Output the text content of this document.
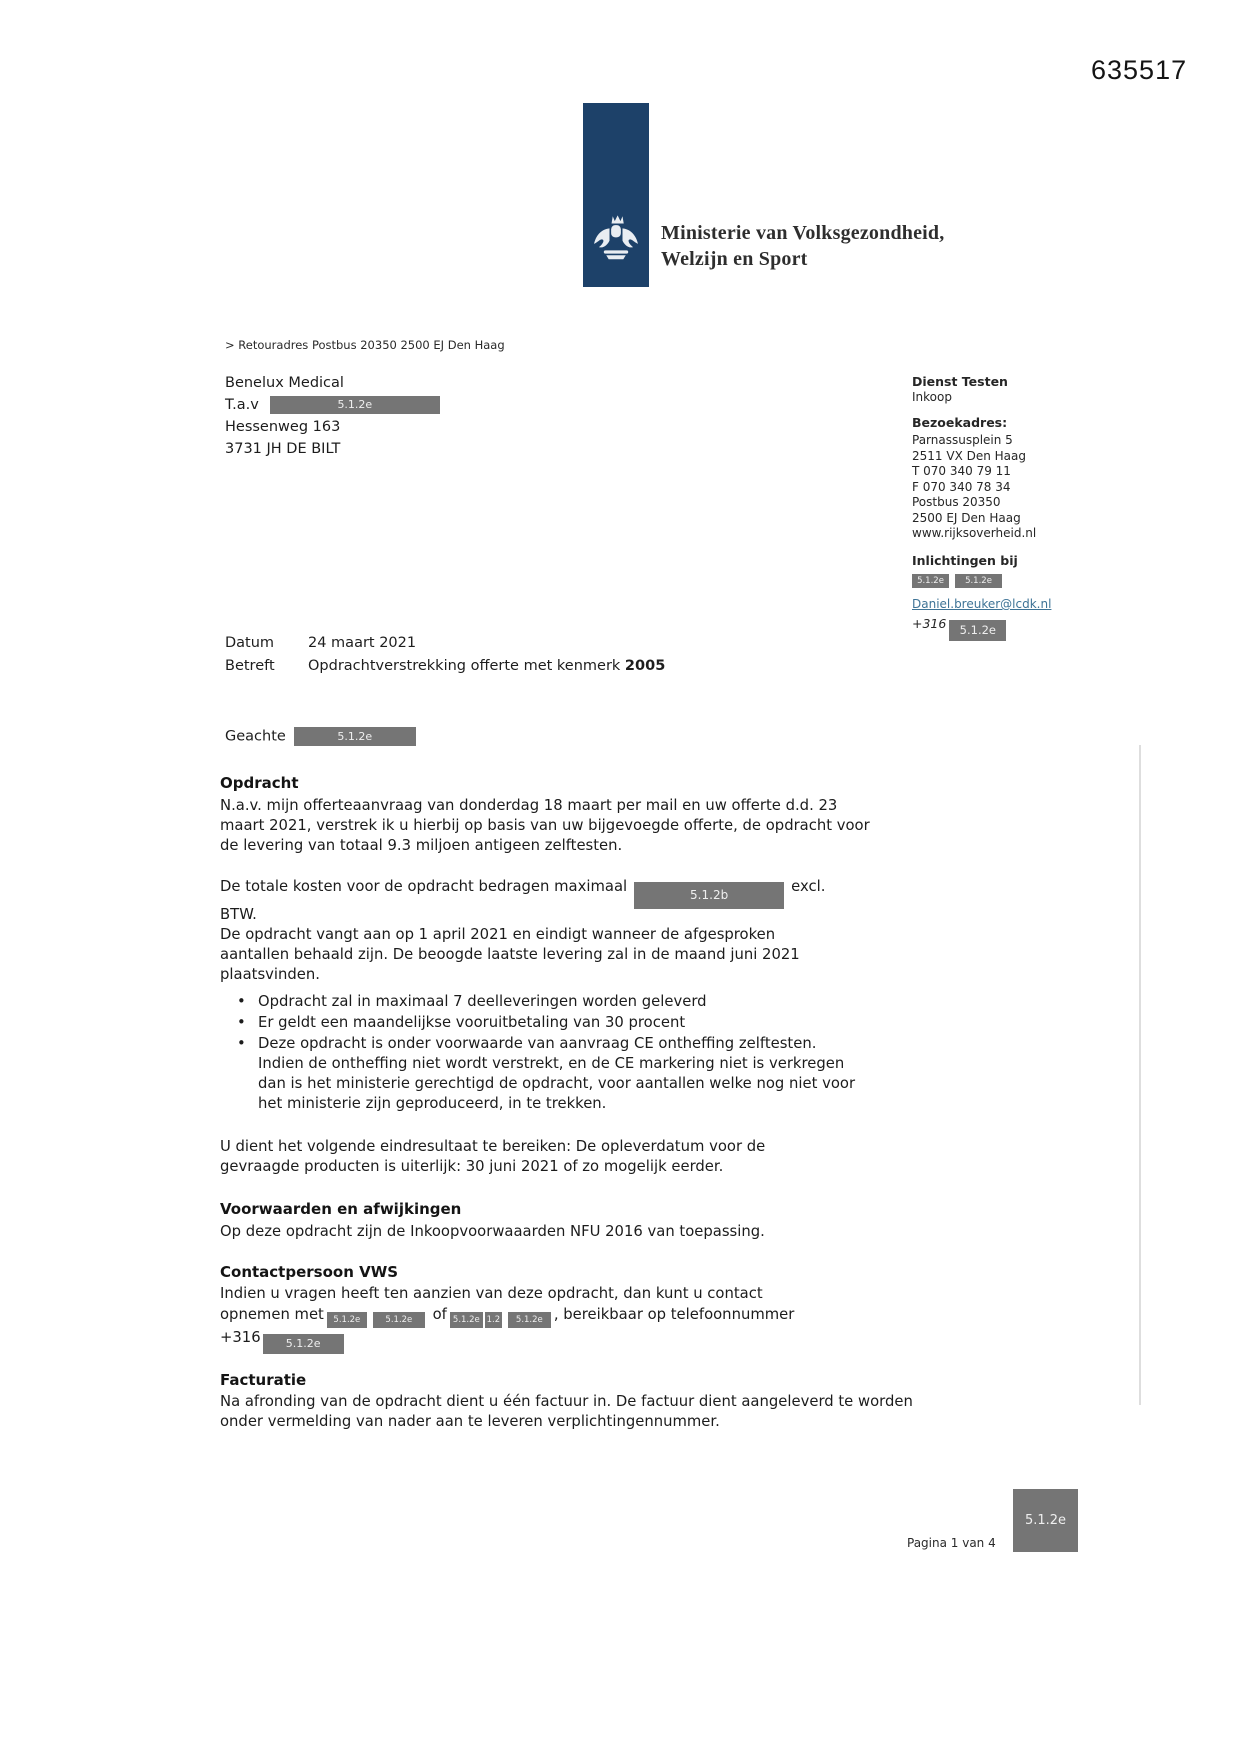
635517
Ministerie van Volksgezondheid,
Welzijn en Sport
> Retouradres Postbus 20350 2500 EJ Den Haag
Benelux Medical
T.a.v	5.1.2e
Hessenweg 163
3731 JH DE BILT
Dienst Testen
Inkoop
Bezoekadres:
Parnassusplein 5
2511 VX Den Haag
T 070 340 79 11
F 070 340 78 34
Postbus 20350
2500 EJ Den Haag
www.rijksoverheid.nl
Inlichtingen bij
5.1.2e 5.1.2e
Daniel.breuker@lcdk.nl
+316 5.1.2e
Datum 24 maart 2021
Betreft Opdrachtverstrekking offerte met kenmerk 2005
Geachte	5.1.2e
Opdracht
N.a.v. mijn offerteaanvraag van donderdag 18 maart per mail en uw offerte d.d. 23 maart 2021, verstrek ik u hierbij op basis van uw bijgevoegde offerte, de opdracht voor de levering van totaal 9.3 miljoen antigeen zelftesten.
De totale kosten voor de opdracht bedragen maximaal	5.1.2b	excl.
BTW.
De opdracht vangt aan op 1 april 2021 en eindigt wanneer de afgesproken aantallen behaald zijn. De beoogde laatste levering zal in de maand juni 2021 plaatsvinden.
• Opdracht zal in maximaal 7 deelleveringen worden geleverd
• Er geldt een maandelijkse vooruitbetaling van 30 procent
• Deze opdracht is onder voorwaarde van aanvraag CE ontheffing zelftesten. Indien de ontheffing niet wordt verstrekt, en de CE markering niet is verkregen dan is het ministerie gerechtigd de opdracht, voor aantallen welke nog niet voor het ministerie zijn geproduceerd, in te trekken.
U dient het volgende eindresultaat te bereiken: De opleverdatum voor de gevraagde producten is uiterlijk: 30 juni 2021 of zo mogelijk eerder.
Voorwaarden en afwijkingen
Op deze opdracht zijn de Inkoopvoorwaaarden NFU 2016 van toepassing.
Contactpersoon VWS
Indien u vragen heeft ten aanzien van deze opdracht, dan kunt u contact
opnemen met 5.1.2e	5.1.2e of 5.1.2e 1.2 5.1.2e , bereikbaar op telefoonnummer
+316 5.1.2e
Facturatie
Na afronding van de opdracht dient u één factuur in. De factuur dient aangeleverd te worden onder vermelding van nader aan te leveren verplichtingennummer.
Pagina 1 van 4
5.1.2e
